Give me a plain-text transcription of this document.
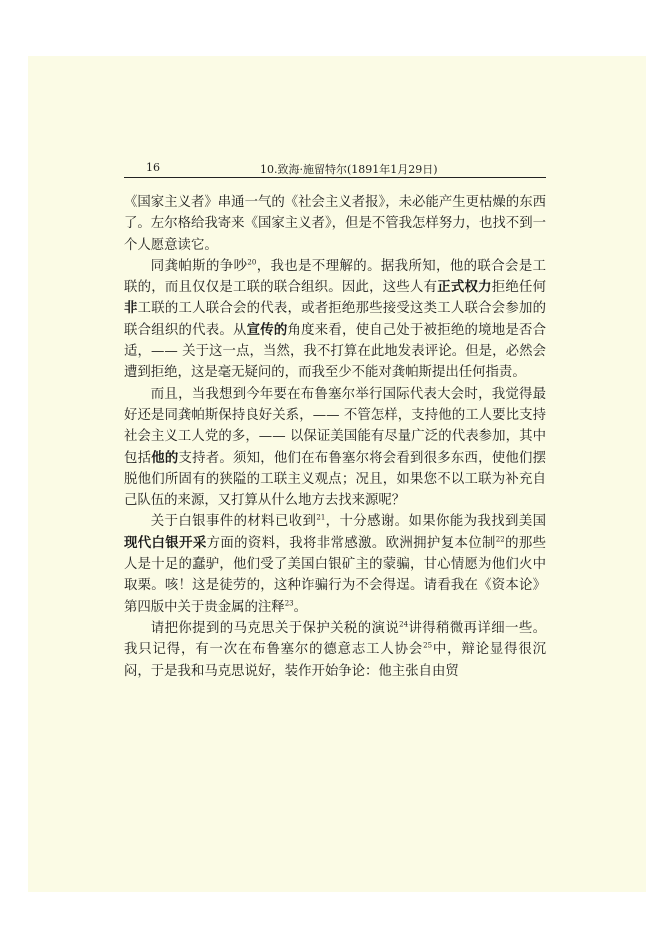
16	10.致海·施留特尔(1891年1月29日)

《国家主义者》串通一气的《社会主义者报》，未必能产生更枯燥的东西了。左尔格给我寄来《国家主义者》，但是不管我怎样努力，也找不到一个人愿意读它。

同龚帕斯的争吵$^{20}$，我也是不理解的。据我所知，他的联合会是工联的，而且仅仅是工联的联合组织。因此，这些人有正式权力拒绝任何非工联的工人联合会的代表，或者拒绝那些接受这类工人联合会参加的联合组织的代表。从宣传的角度来看，使自己处于被拒绝的境地是否合适，—— 关于这一点，当然，我不打算在此地发表评论。但是，必然会遭到拒绝，这是毫无疑问的，而我至少不能对龚帕斯提出任何指责。

而且，当我想到今年要在布鲁塞尔举行国际代表大会时，我觉得最好还是同龚帕斯保持良好关系，—— 不管怎样，支持他的工人要比支持社会主义工人党的多，—— 以保证美国能有尽量广泛的代表参加，其中包括他的支持者。须知，他们在布鲁塞尔将会看到很多东西，使他们摆脱他们所固有的狭隘的工联主义观点；况且，如果您不以工联为补充自己队伍的来源，又打算从什么地方去找来源呢？

关于白银事件的材料已收到$^{21}$，十分感谢。如果你能为我找到美国现代白银开采方面的资料，我将非常感激。欧洲拥护复本位制$^{22}$的那些人是十足的蠢驴，他们受了美国白银矿主的蒙骗，甘心情愿为他们火中取栗。咳！这是徒劳的，这种诈骗行为不会得逞。请看我在《资本论》第四版中关于贵金属的注释$^{23}$。

请把你提到的马克思关于保护关税的演说$^{24}$讲得稍微再详细一些。我只记得，有一次在布鲁塞尔的德意志工人协会$^{25}$中，辩论显得很沉闷，于是我和马克思说好，装作开始争论：他主张自由贸
